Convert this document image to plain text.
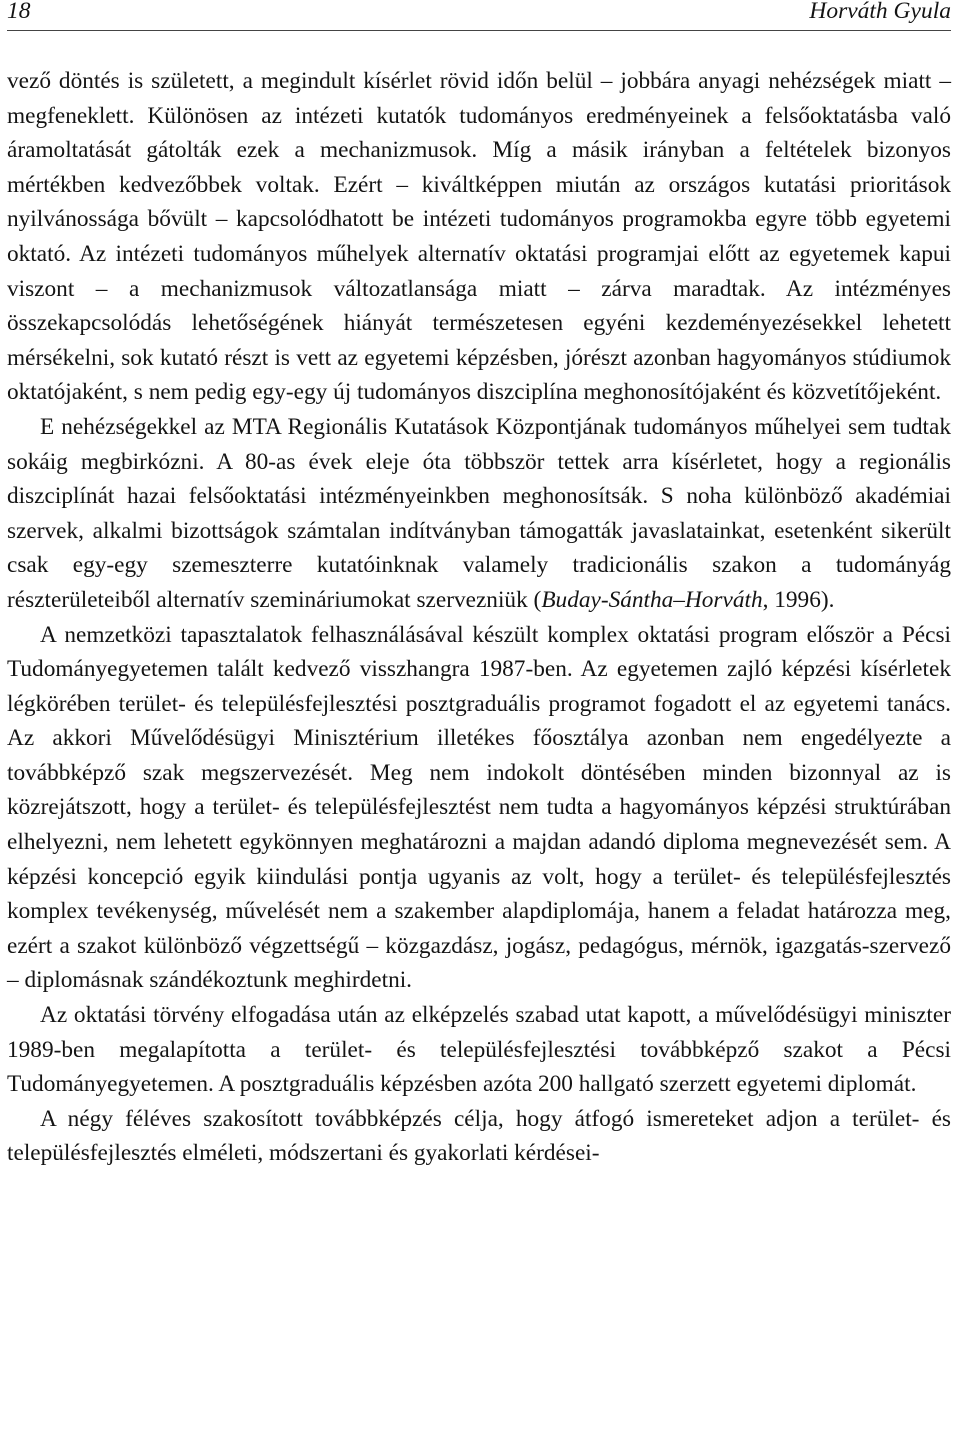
18	Horváth Gyula

vező döntés is született, a megindult kísérlet rövid időn belül – jobbára anyagi nehézségek miatt – megfeneklett. Különösen az intézeti kutatók tudományos eredményeinek a felsőoktatásba való áramoltatását gátolták ezek a mechanizmusok. Míg a másik irányban a feltételek bizonyos mértékben kedvezőbbek voltak. Ezért – kiváltképpen miután az országos kutatási prioritások nyilvánossága bővült – kapcsolódhatott be intézeti tudományos programokba egyre több egyetemi oktató. Az intézeti tudományos műhelyek alternatív oktatási programjai előtt az egyetemek kapui viszont – a mechanizmusok változatlansága miatt – zárva maradtak. Az intézményes összekapcsolódás lehetőségének hiányát természetesen egyéni kezdeményezésekkel lehetett mérsékelni, sok kutató részt is vett az egyetemi képzésben, jórészt azonban hagyományos stúdiumok oktatójaként, s nem pedig egy-egy új tudományos diszciplína meghonosítójaként és közvetítőjeként.

E nehézségekkel az MTA Regionális Kutatások Központjának tudományos műhelyei sem tudtak sokáig megbirkózni. A 80-as évek eleje óta többször tettek arra kísérletet, hogy a regionális diszciplínát hazai felsőoktatási intézményeinkben meghonosítsák. S noha különböző akadémiai szervek, alkalmi bizottságok számtalan indítványban támogatták javaslatainkat, esetenként sikerült csak egy-egy szemeszterre kutatóinknak valamely tradicionális szakon a tudományág részterületeiből alternatív szemináriumokat szervezniük (Buday-Sántha–Horváth, 1996).

A nemzetközi tapasztalatok felhasználásával készült komplex oktatási program először a Pécsi Tudományegyetemen talált kedvező visszhangra 1987-ben. Az egyetemen zajló képzési kísérletek légkörében terület- és településfejlesztési posztgraduális programot fogadott el az egyetemi tanács. Az akkori Művelődésügyi Minisztérium illetékes főosztálya azonban nem engedélyezte a továbbképző szak megszervezését. Meg nem indokolt döntésében minden bizonnyal az is közrejátszott, hogy a terület- és településfejlesztést nem tudta a hagyományos képzési struktúrában elhelyezni, nem lehetett egykönnyen meghatározni a majdan adandó diploma megnevezését sem. A képzési koncepció egyik kiindulási pontja ugyanis az volt, hogy a terület- és településfejlesztés komplex tevékenység, művelését nem a szakember alapdiplomája, hanem a feladat határozza meg, ezért a szakot különböző végzettségű – közgazdász, jogász, pedagógus, mérnök, igazgatás-szervező – diplomásnak szándékoztunk meghirdetni.

Az oktatási törvény elfogadása után az elképzelés szabad utat kapott, a művelődésügyi miniszter 1989-ben megalapította a terület- és településfejlesztési továbbképző szakot a Pécsi Tudományegyetemen. A posztgraduális képzésben azóta 200 hallgató szerzett egyetemi diplomát.

A négy féléves szakosított továbbképzés célja, hogy átfogó ismereteket adjon a terület- és településfejlesztés elméleti, módszertani és gyakorlati kérdései-
